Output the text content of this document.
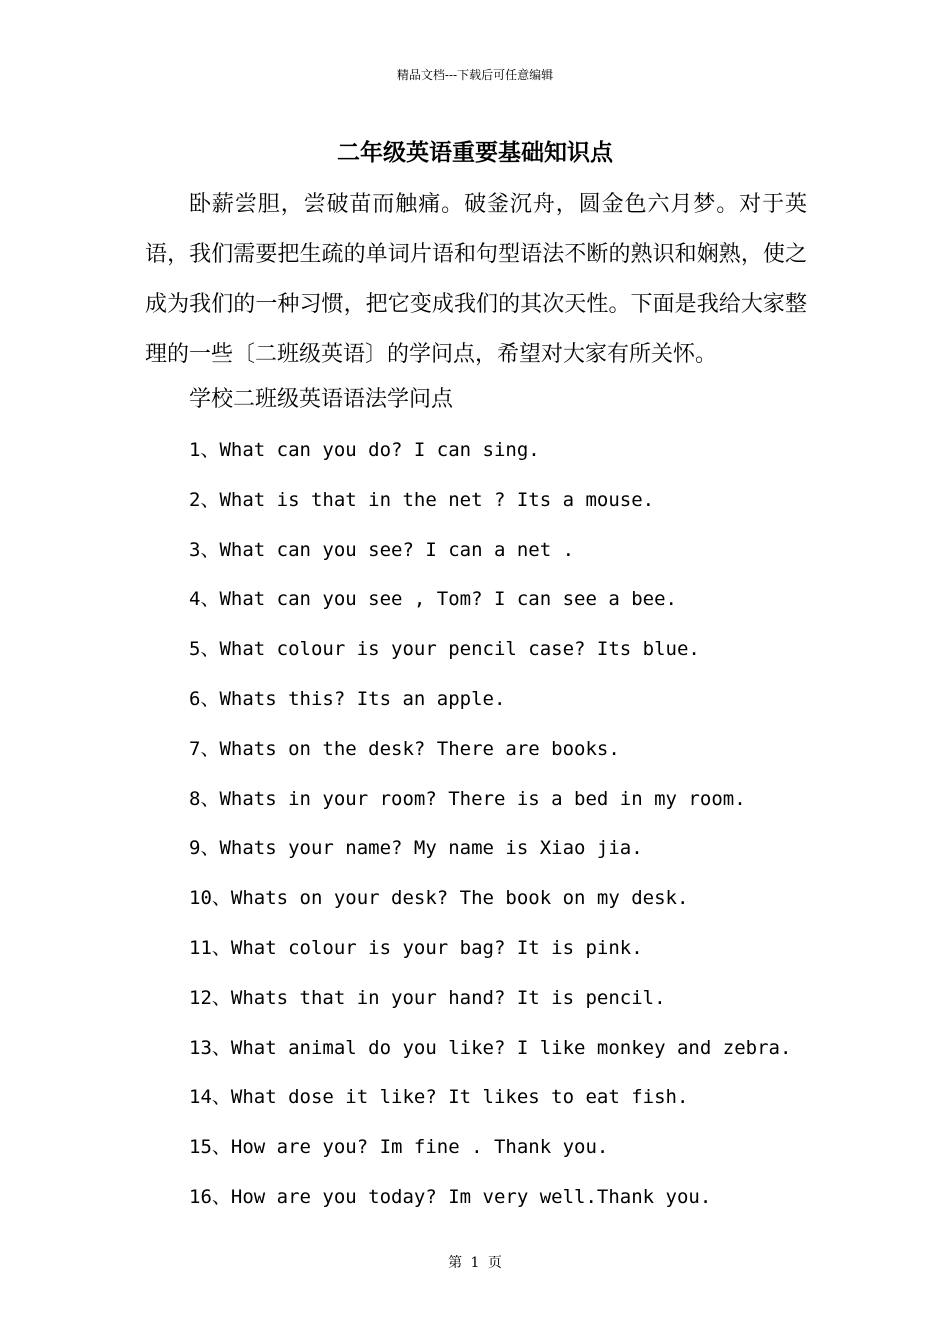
精品文档---下载后可任意编辑
二年级英语重要基础知识点

卧薪尝胆，尝破苗而触痛。破釜沉舟，圆金色六月梦。对于英语，我们需要把生疏的单词片语和句型语法不断的熟识和娴熟，使之成为我们的一种习惯，把它变成我们的其次天性。下面是我给大家整理的一些〔二班级英语〕的学问点，希望对大家有所关怀。

学校二班级英语语法学问点
1、What can you do? I can sing.
2、What is that in the net ? Its a mouse.
3、What can you see? I can a net .
4、What can you see , Tom? I can see a bee.
5、What colour is your pencil case? Its blue.
6、Whats this? Its an apple.
7、Whats on the desk? There are books.
8、Whats in your room? There is a bed in my room.
9、Whats your name? My name is Xiao jia.
10、Whats on your desk? The book on my desk.
11、What colour is your bag? It is pink.
12、Whats that in your hand? It is pencil.
13、What animal do you like? I like monkey and zebra.
14、What dose it like? It likes to eat fish.
15、How are you? Im fine . Thank you.
16、How are you today? Im very well.Thank you.
第 1 页
